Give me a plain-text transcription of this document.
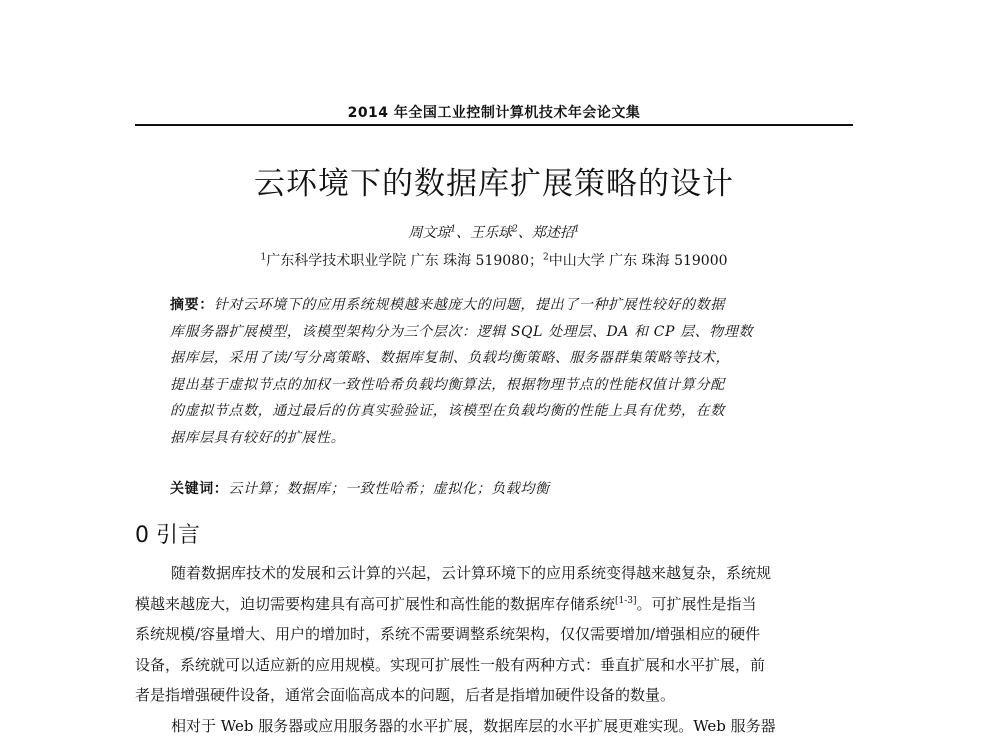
2014 年全国工业控制计算机技术年会论文集
云环境下的数据库扩展策略的设计
周文琼$^1$、王乐球$^2$、郑述招$^1$
$^1$广东科学技术职业学院 广东 珠海 519080；$^2$中山大学 广东 珠海 519000
摘要：针对云环境下的应用系统规模越来越庞大的问题，提出了一种扩展性较好的数据
库服务器扩展模型，该模型架构分为三个层次：逻辑 SQL 处理层、DA 和 CP 层、物理数
据库层，采用了读/写分离策略、数据库复制、负载均衡策略、服务器群集策略等技术，
提出基于虚拟节点的加权一致性哈希负载均衡算法，根据物理节点的性能权值计算分配
的虚拟节点数，通过最后的仿真实验验证，该模型在负载均衡的性能上具有优势，在数
据库层具有较好的扩展性。
关键词：云计算；数据库；一致性哈希；虚拟化；负载均衡
0 引言
随着数据库技术的发展和云计算的兴起，云计算环境下的应用系统变得越来越复杂，系统规
模越来越庞大，迫切需要构建具有高可扩展性和高性能的数据库存储系统[1-3]。可扩展性是指当
系统规模/容量增大、用户的增加时，系统不需要调整系统架构，仅仅需要增加/增强相应的硬件
设备，系统就可以适应新的应用规模。实现可扩展性一般有两种方式：垂直扩展和水平扩展，前
者是指增强硬件设备，通常会面临高成本的问题，后者是指增加硬件设备的数量。
相对于 Web 服务器或应用服务器的水平扩展，数据库层的水平扩展更难实现。Web 服务器
